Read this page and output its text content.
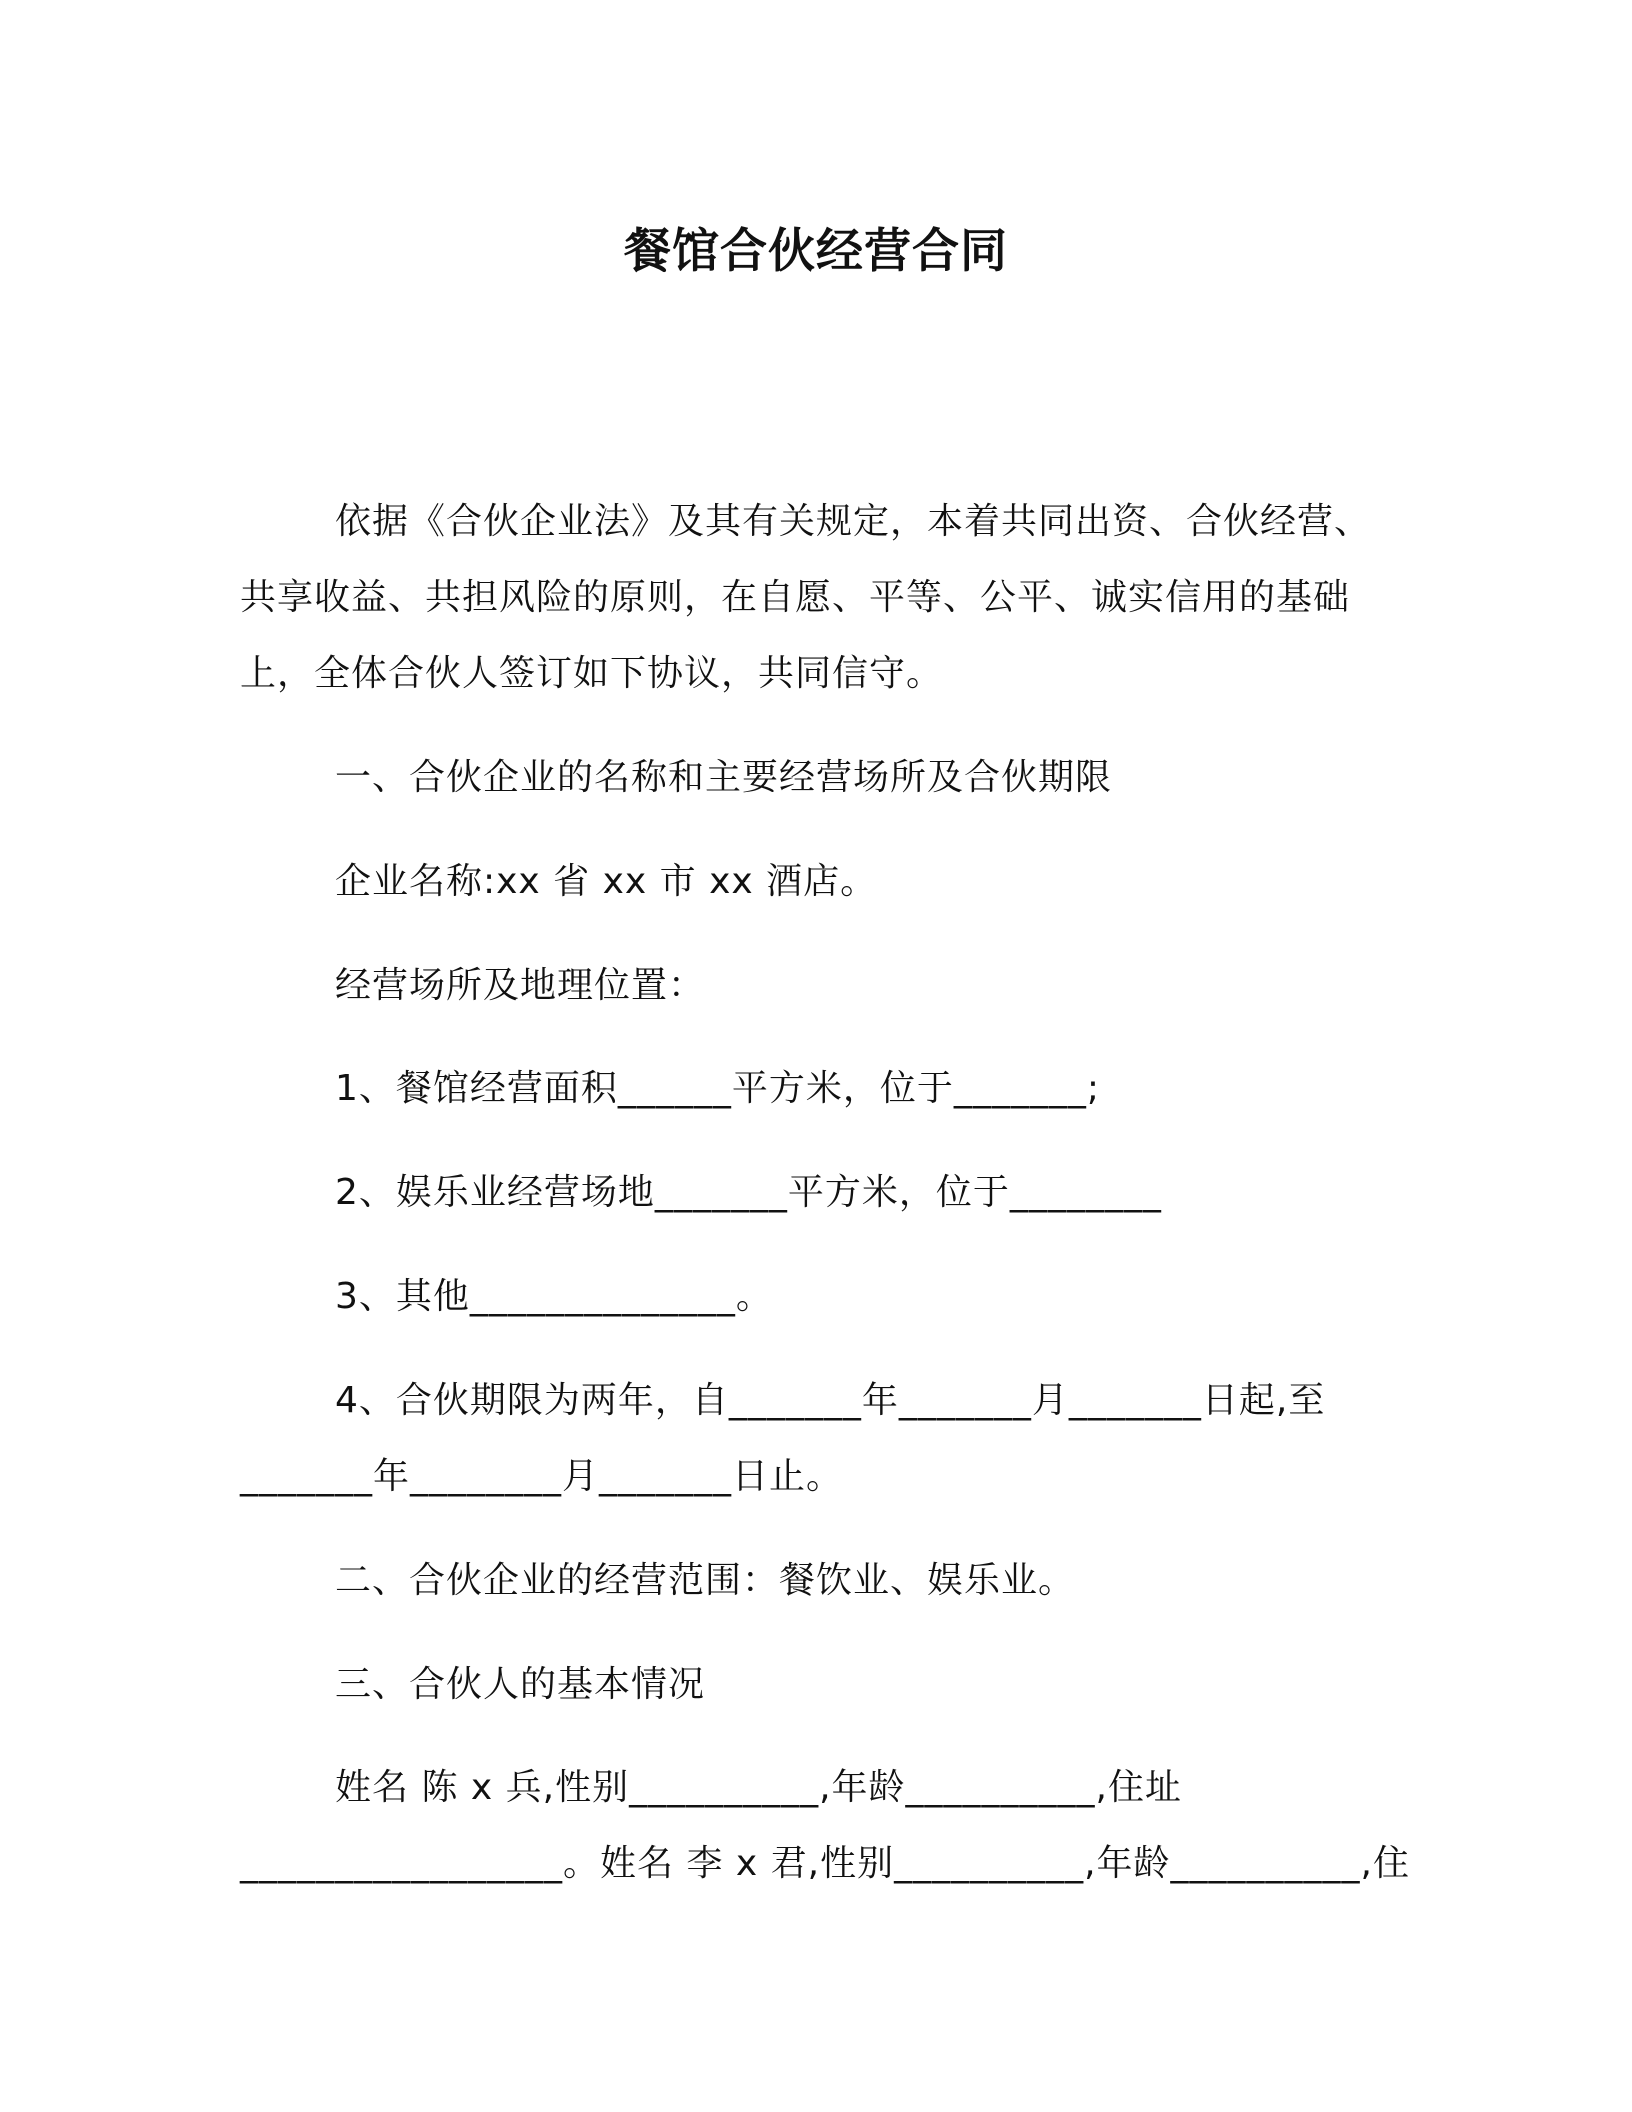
餐馆合伙经营合同
依据《合伙企业法》及其有关规定，本着共同出资、合伙经营、
共享收益、共担风险的原则，在自愿、平等、公平、诚实信用的基础
上，全体合伙人签订如下协议，共同信守。
一、合伙企业的名称和主要经营场所及合伙期限
企业名称:xx 省 xx 市 xx 酒店。
经营场所及地理位置：
1、餐馆经营面积______平方米，位于_______;
2、娱乐业经营场地_______平方米，位于________
3、其他______________。
4、合伙期限为两年，自_______年_______月_______日起,至
_______年________月_______日止。
二、合伙企业的经营范围：餐饮业、娱乐业。
三、合伙人的基本情况
姓名 陈 x 兵,性别__________,年龄__________,住址
_________________。姓名 李 x 君,性别__________,年龄__________,住
